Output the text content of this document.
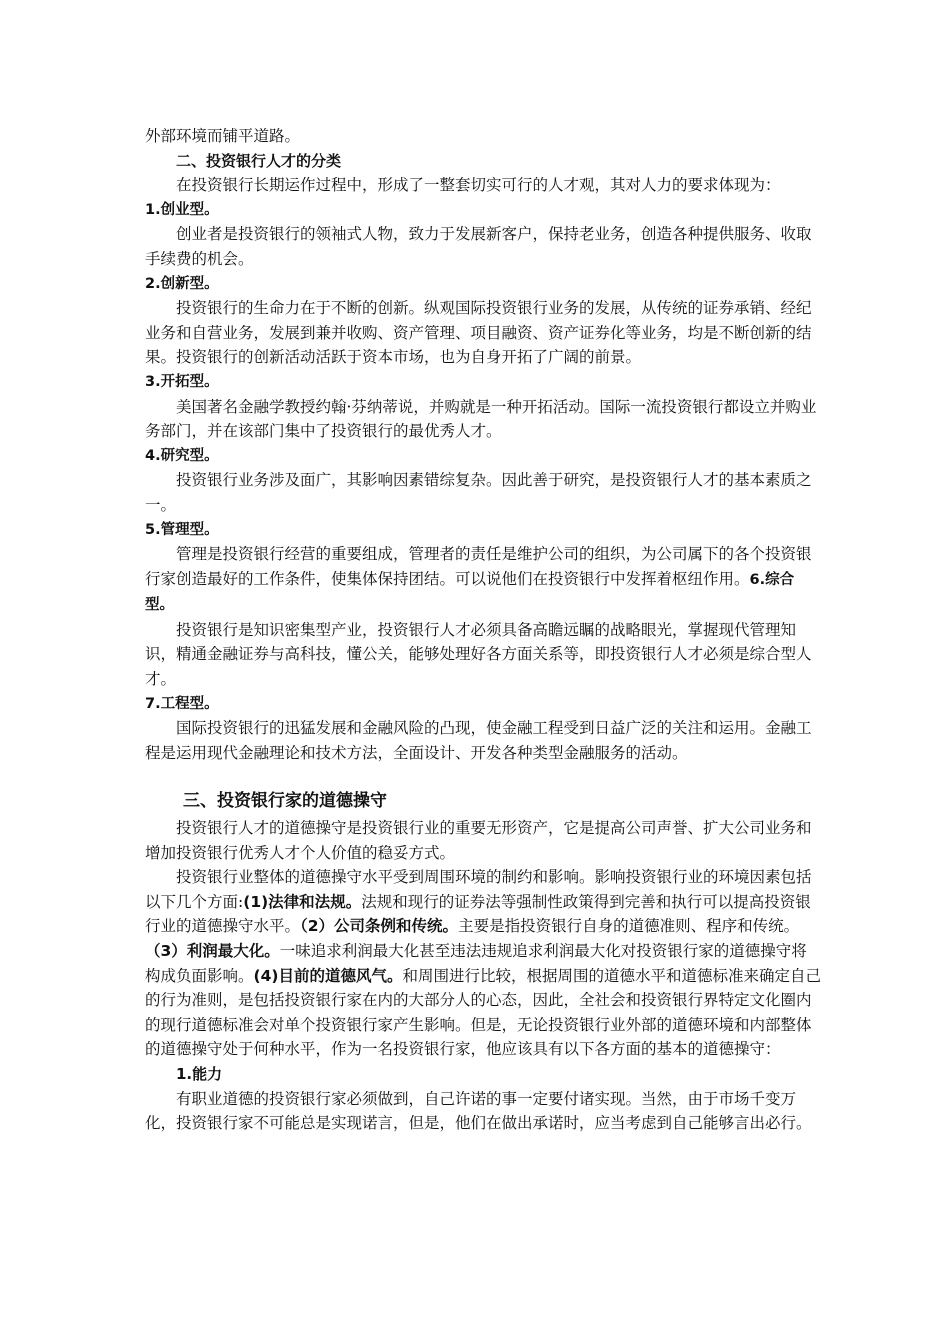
外部环境而铺平道路。

二、投资银行人才的分类

在投资银行长期运作过程中，形成了一整套切实可行的人才观，其对人力的要求体现为：

1.创业型。

创业者是投资银行的领袖式人物，致力于发展新客户，保持老业务，创造各种提供服务、收取手续费的机会。

2.创新型。

投资银行的生命力在于不断的创新。纵观国际投资银行业务的发展，从传统的证券承销、经纪业务和自营业务，发展到兼并收购、资产管理、项目融资、资产证券化等业务，均是不断创新的结果。投资银行的创新活动活跃于资本市场，也为自身开拓了广阔的前景。

3.开拓型。

美国著名金融学教授约翰·芬纳蒂说，并购就是一种开拓活动。国际一流投资银行都设立并购业务部门，并在该部门集中了投资银行的最优秀人才。

4.研究型。

投资银行业务涉及面广，其影响因素错综复杂。因此善于研究，是投资银行人才的基本素质之一。

5.管理型。

管理是投资银行经营的重要组成，管理者的责任是维护公司的组织，为公司属下的各个投资银行家创造最好的工作条件，使集体保持团结。可以说他们在投资银行中发挥着枢纽作用。6.综合型。

投资银行是知识密集型产业，投资银行人才必须具备高瞻远瞩的战略眼光，掌握现代管理知识，精通金融证券与高科技，懂公关，能够处理好各方面关系等，即投资银行人才必须是综合型人才。

7.工程型。

国际投资银行的迅猛发展和金融风险的凸现，使金融工程受到日益广泛的关注和运用。金融工程是运用现代金融理论和技术方法，全面设计、开发各种类型金融服务的活动。

三、投资银行家的道德操守

投资银行人才的道德操守是投资银行业的重要无形资产，它是提高公司声誉、扩大公司业务和增加投资银行优秀人才个人价值的稳妥方式。

投资银行业整体的道德操守水平受到周围环境的制约和影响。影响投资银行业的环境因素包括以下几个方面:(1)法律和法规。法规和现行的证券法等强制性政策得到完善和执行可以提高投资银行业的道德操守水平。（2）公司条例和传统。主要是指投资银行自身的道德准则、程序和传统。（3）利润最大化。一味追求利润最大化甚至违法违规追求利润最大化对投资银行家的道德操守将构成负面影响。(4)目前的道德风气。和周围进行比较，根据周围的道德水平和道德标准来确定自己的行为准则，是包括投资银行家在内的大部分人的心态，因此，全社会和投资银行界特定文化圈内的现行道德标准会对单个投资银行家产生影响。但是，无论投资银行业外部的道德环境和内部整体的道德操守处于何种水平，作为一名投资银行家，他应该具有以下各方面的基本的道德操守：

1.能力

有职业道德的投资银行家必须做到，自己许诺的事一定要付诸实现。当然，由于市场千变万化，投资银行家不可能总是实现诺言，但是，他们在做出承诺时，应当考虑到自己能够言出必行。
